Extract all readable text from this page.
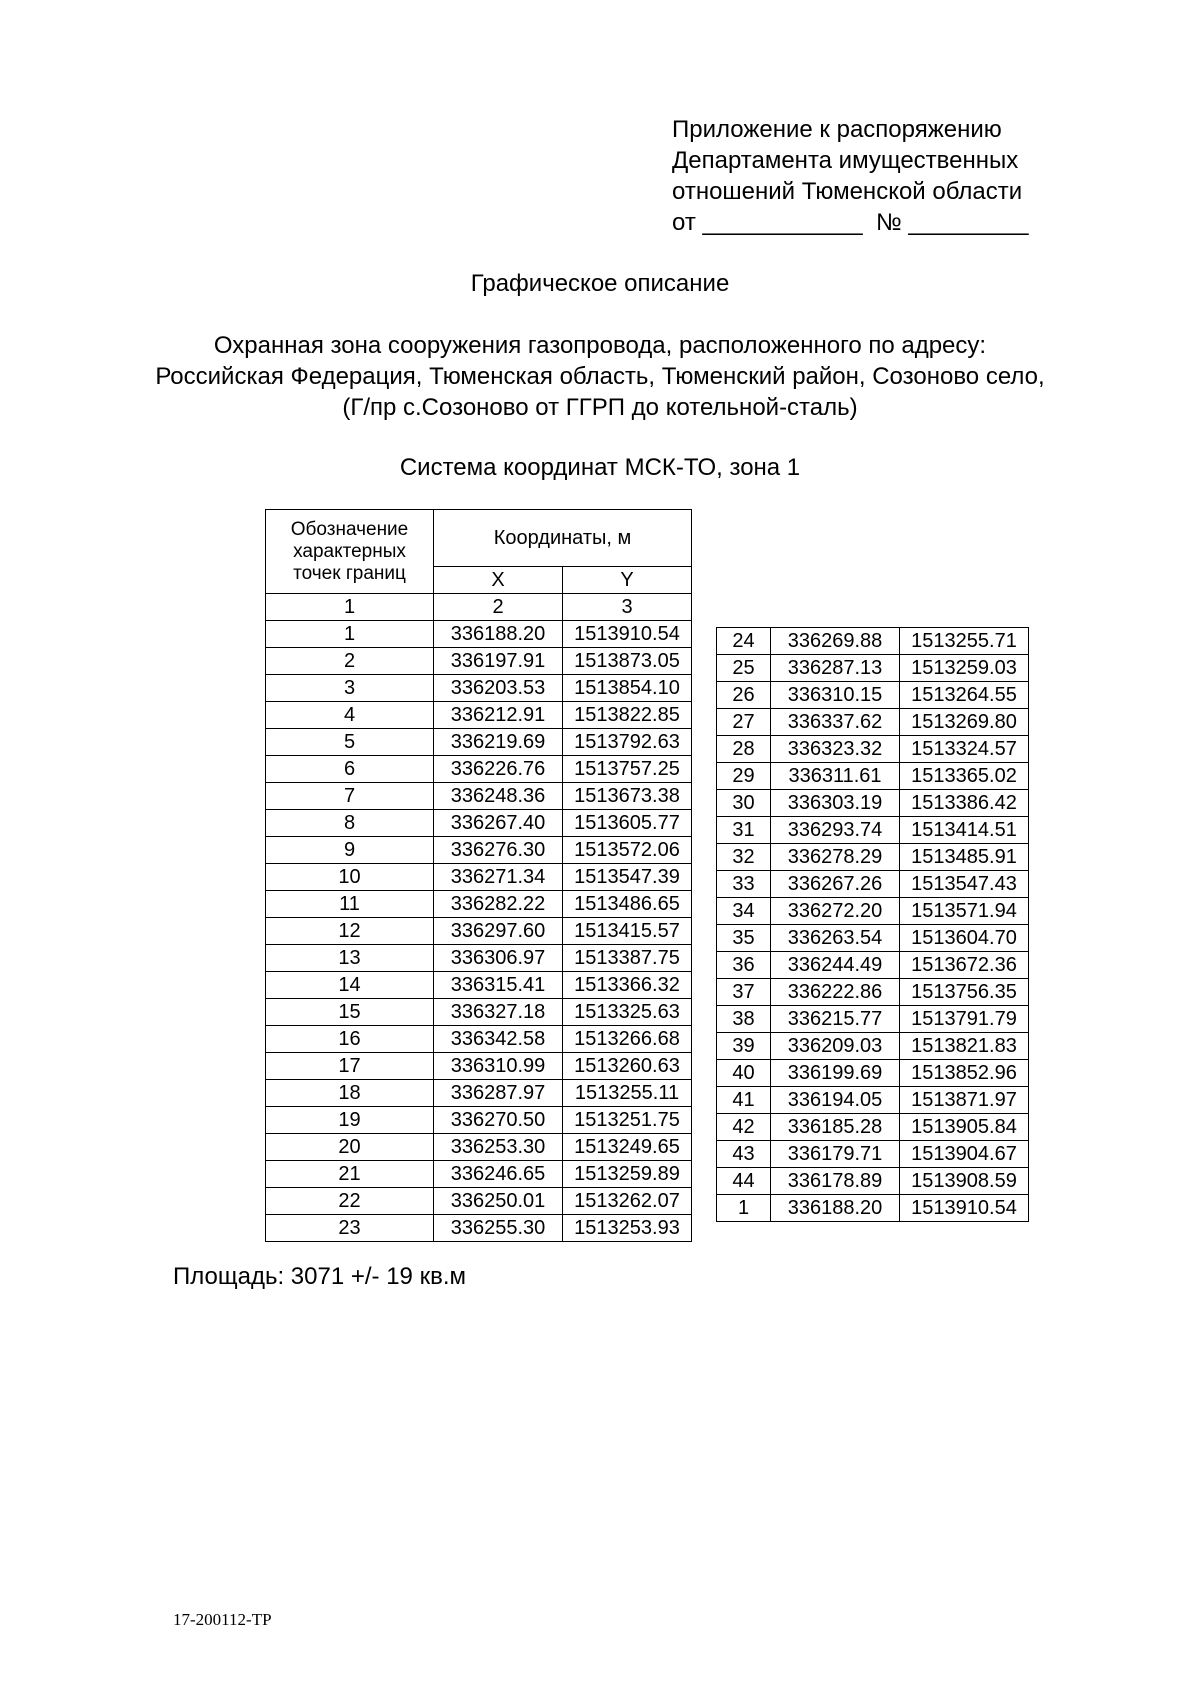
Приложение к распоряжению
Департамента имущественных
отношений Тюменской области
от ____________  № _________
Графическое описание
Охранная зона сооружения газопровода, расположенного по адресу:
Российская Федерация, Тюменская область, Тюменский район, Созоново село,
(Г/пр с.Созоново от ГГРП до котельной-сталь)
Система координат МСК-ТО, зона 1
Обозначение характерных точек границ	Координаты, м	

	X	Y
1	2	3
1	336188.20	1513910.54
2	336197.91	1513873.05
3	336203.53	1513854.10
4	336212.91	1513822.85
5	336219.69	1513792.63
6	336226.76	1513757.25
7	336248.36	1513673.38
8	336267.40	1513605.77
9	336276.30	1513572.06
10	336271.34	1513547.39
11	336282.22	1513486.65
12	336297.60	1513415.57
13	336306.97	1513387.75
14	336315.41	1513366.32
15	336327.18	1513325.63
16	336342.58	1513266.68
17	336310.99	1513260.63
18	336287.97	1513255.11
19	336270.50	1513251.75
20	336253.30	1513249.65
21	336246.65	1513259.89
22	336250.01	1513262.07
23	336255.30	1513253.93
24	336269.88	1513255.71
25	336287.13	1513259.03
26	336310.15	1513264.55
27	336337.62	1513269.80
28	336323.32	1513324.57
29	336311.61	1513365.02
30	336303.19	1513386.42
31	336293.74	1513414.51
32	336278.29	1513485.91
33	336267.26	1513547.43
34	336272.20	1513571.94
35	336263.54	1513604.70
36	336244.49	1513672.36
37	336222.86	1513756.35
38	336215.77	1513791.79
39	336209.03	1513821.83
40	336199.69	1513852.96
41	336194.05	1513871.97
42	336185.28	1513905.84
43	336179.71	1513904.67
44	336178.89	1513908.59
1	336188.20	1513910.54
Площадь: 3071 +/- 19 кв.м
17-200112-ТР
